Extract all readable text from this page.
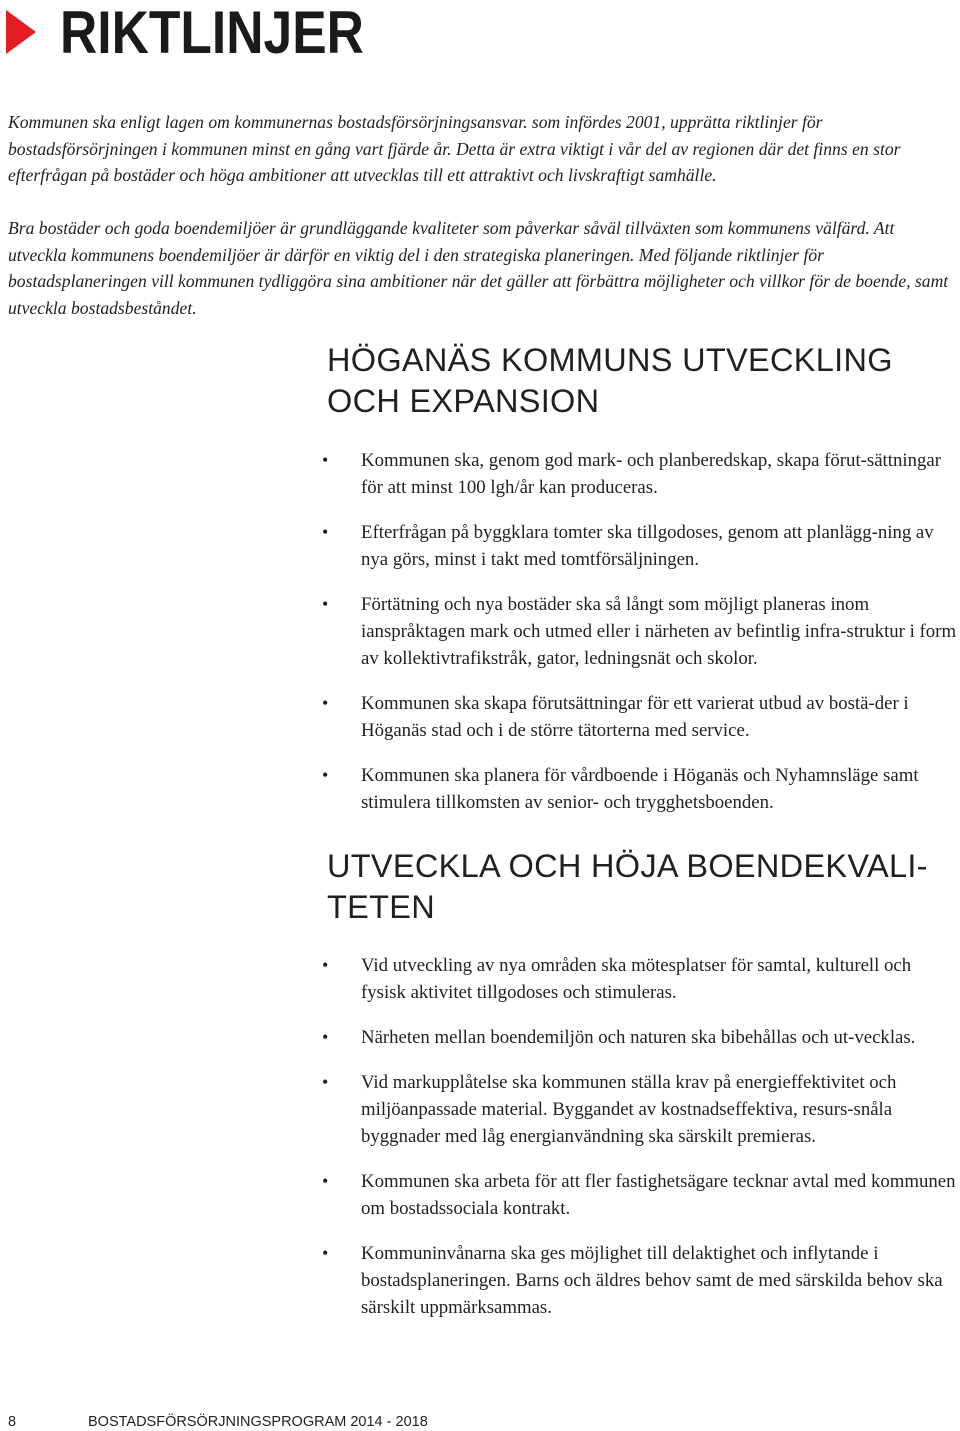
RIKTLINJER

Kommunen ska enligt lagen om kommunernas bostadsförsörjningsansvar. som infördes 2001, upprätta riktlinjer för bostadsförsörjningen i kommunen minst en gång vart fjärde år. Detta är extra viktigt i vår del av regionen där det finns en stor efterfrågan på bostäder och höga ambitioner att utvecklas till ett attraktivt och livskraftigt samhälle.

Bra bostäder och goda boendemiljöer är grundläggande kvaliteter som påverkar såväl tillväxten som kommunens välfärd. Att utveckla kommunens boendemiljöer är därför en viktig del i den strategiska planeringen. Med följande riktlinjer för bostadsplaneringen vill kommunen tydliggöra sina ambitioner när det gäller att förbättra möjligheter och villkor för de boende, samt utveckla bostadsbeståndet.

HÖGANÄS KOMMUNS UTVECKLING
OCH EXPANSION
• Kommunen ska, genom god mark- och planberedskap, skapa förut-sättningar för att minst 100 lgh/år kan produceras.
• Efterfrågan på byggklara tomter ska tillgodoses, genom att planlägg-ning av nya görs, minst i takt med tomtförsäljningen.
• Förtätning och nya bostäder ska så långt som möjligt planeras inom ianspråktagen mark och utmed eller i närheten av befintlig infra-struktur i form av kollektivtrafikstråk, gator, ledningsnät och skolor.
• Kommunen ska skapa förutsättningar för ett varierat utbud av bostä-der i Höganäs stad och i de större tätorterna med service.
• Kommunen ska planera för vårdboende i Höganäs och Nyhamnsläge samt stimulera tillkomsten av senior- och trygghetsboenden.
UTVECKLA OCH HÖJA BOENDEKVALI-
TETEN
• Vid utveckling av nya områden ska mötesplatser för samtal, kulturell och fysisk aktivitet tillgodoses och stimuleras.
• Närheten mellan boendemiljön och naturen ska bibehållas och ut-vecklas.
• Vid markupplåtelse ska kommunen ställa krav på energieffektivitet och miljöanpassade material. Byggandet av kostnadseffektiva, resurs-snåla byggnader med låg energianvändning ska särskilt premieras.
• Kommunen ska arbeta för att fler fastighetsägare tecknar avtal med kommunen om bostadssociala kontrakt.
• Kommuninvånarna ska ges möjlighet till delaktighet och inflytande i bostadsplaneringen. Barns och äldres behov samt de med särskilda behov ska särskilt uppmärksammas.
8	BOSTADSFÖRSÖRJNINGSPROGRAM 2014 - 2018
